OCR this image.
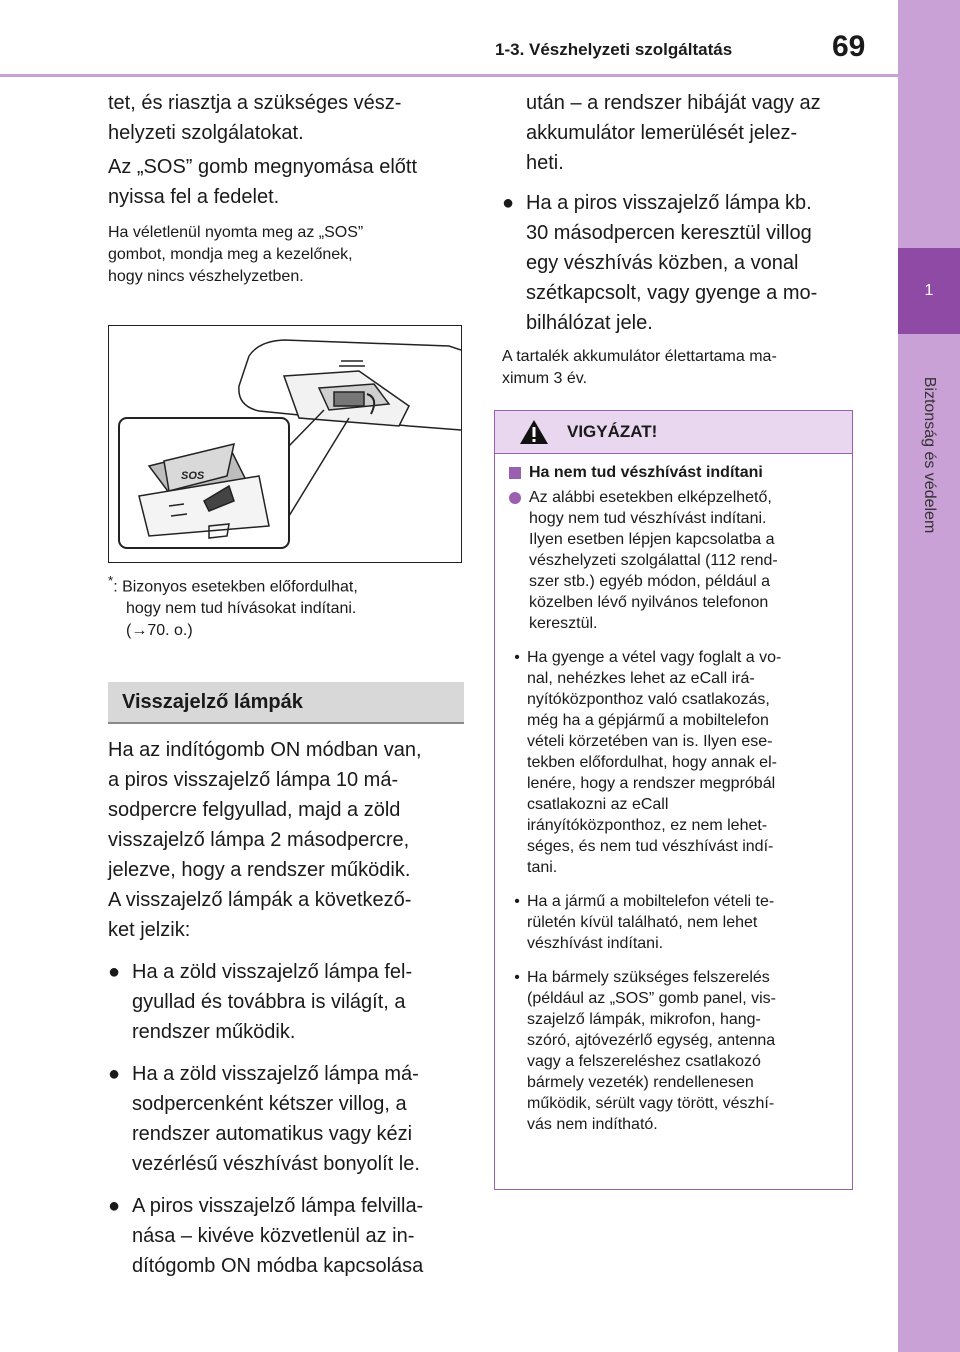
1-3. Vészhelyzeti szolgáltatás	69
1
Biztonság és védelem

tet, és riasztja a szükséges vész-

helyzeti szolgálatokat.

Az „SOS” gomb megnyomása előtt

nyissa fel a fedelet.

Ha véletlenül nyomta meg az „SOS”

gombot, mondja meg a kezelőnek,

hogy nincs vészhelyzetben.

SOS

*: Bizonyos esetekben előfordulhat,

hogy nem tud hívásokat indítani.

(→70. o.)

Visszajelző lámpák

Ha az indítógomb ON módban van,

a piros visszajelző lámpa 10 má-

sodpercre felgyullad, majd a zöld

visszajelző lámpa 2 másodpercre,

jelezve, hogy a rendszer működik.

A visszajelző lámpák a következő-

ket jelzik:

● Ha a zöld visszajelző lámpa fel-

gyullad és továbbra is világít, a

rendszer működik.

● Ha a zöld visszajelző lámpa má-

sodpercenként kétszer villog, a

rendszer automatikus vagy kézi

vezérlésű vészhívást bonyolít le.

● A piros visszajelző lámpa felvilla-

nása – kivéve közvetlenül az in-

dítógomb ON módba kapcsolása

után – a rendszer hibáját vagy az

akkumulátor lemerülését jelez-

heti.

● Ha a piros visszajelző lámpa kb.

30 másodpercen keresztül villog

egy vészhívás közben, a vonal

szétkapcsolt, vagy gyenge a mo-

bilhálózat jele.

A tartalék akkumulátor élettartama ma-

ximum 3 év.

VIGYÁZAT!

Ha nem tud vészhívást indítani

Az alábbi esetekben elképzelhető,

hogy nem tud vészhívást indítani.

Ilyen esetben lépjen kapcsolatba a

vészhelyzeti szolgálattal (112 rend-

szer stb.) egyéb módon, például a

közelben lévő nyilvános telefonon

keresztül.

• Ha gyenge a vétel vagy foglalt a vo-

nal, nehézkes lehet az eCall irá-

nyítóközponthoz való csatlakozás,

még ha a gépjármű a mobiltelefon

vételi körzetében van is. Ilyen ese-

tekben előfordulhat, hogy annak el-

lenére, hogy a rendszer megpróbál

csatlakozni az eCall

irányítóközponthoz, ez nem lehet-

séges, és nem tud vészhívást indí-

tani.

• Ha a jármű a mobiltelefon vételi te-

rületén kívül található, nem lehet

vészhívást indítani.

• Ha bármely szükséges felszerelés

(például az „SOS” gomb panel, vis-

szajelző lámpák, mikrofon, hang-

szóró, ajtóvezérlő egység, antenna

vagy a felszereléshez csatlakozó

bármely vezeték) rendellenesen

működik, sérült vagy törött, vészhí-

vás nem indítható.
